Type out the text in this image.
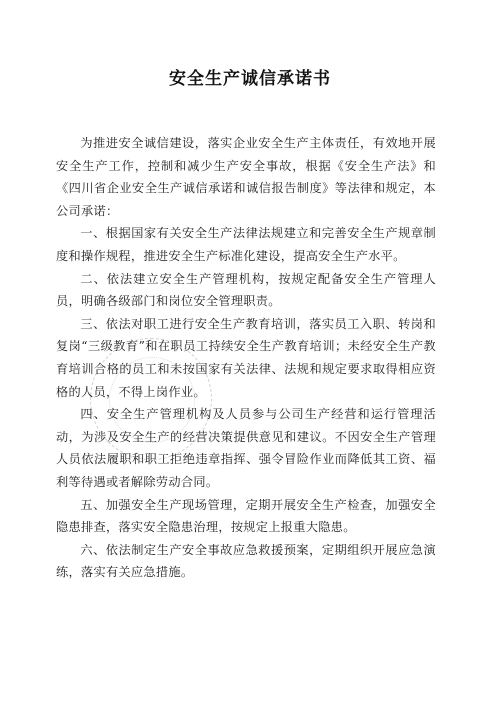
安全生产诚信承诺书

为推进安全诚信建设，落实企业安全生产主体责任，有效地开展安全生产工作，控制和减少生产安全事故，根据《安全生产法》和《四川省企业安全生产诚信承诺和诚信报告制度》等法律和规定，本公司承诺：

一、根据国家有关安全生产法律法规建立和完善安全生产规章制度和操作规程，推进安全生产标准化建设，提高安全生产水平。

二、依法建立安全生产管理机构，按规定配备安全生产管理人员，明确各级部门和岗位安全管理职责。

三、依法对职工进行安全生产教育培训，落实员工入职、转岗和复岗“三级教育”和在职员工持续安全生产教育培训；未经安全生产教育培训合格的员工和未按国家有关法律、法规和规定要求取得相应资格的人员，不得上岗作业。

四、安全生产管理机构及人员参与公司生产经营和运行管理活动，为涉及安全生产的经营决策提供意见和建议。不因安全生产管理人员依法履职和职工拒绝违章指挥、强令冒险作业而降低其工资、福利等待遇或者解除劳动合同。

五、加强安全生产现场管理，定期开展安全生产检查，加强安全隐患排查，落实安全隐患治理，按规定上报重大隐患。

六、依法制定生产安全事故应急救援预案，定期组织开展应急演练，落实有关应急措施。
